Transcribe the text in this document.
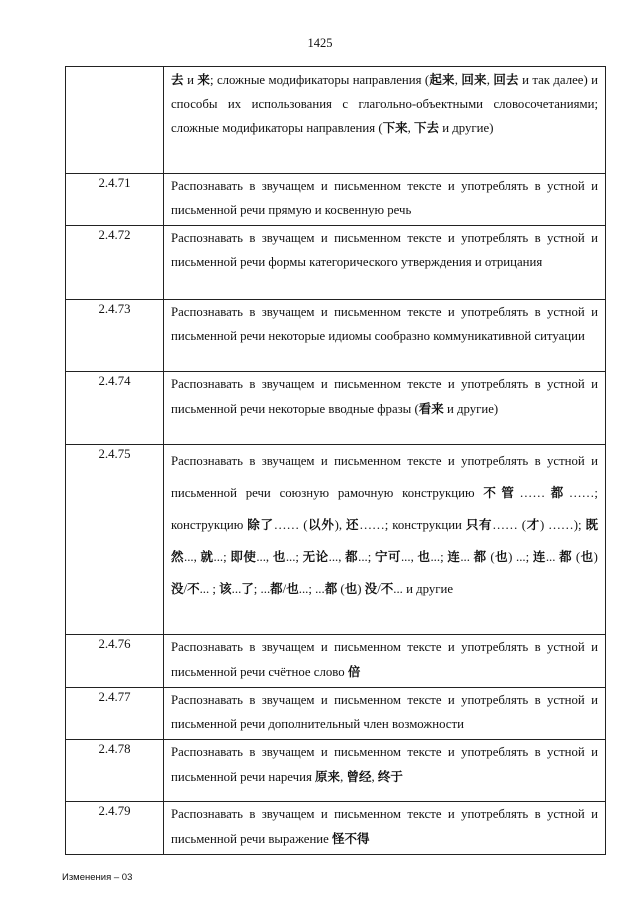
1425
	去 и 来; сложные модификаторы направления (起来, 回来, 回去 и так далее) и способы их использования с глагольно-объектными словосочетаниями; сложные модификаторы направления (下来, 下去 и другие)
2.4.71	Распознавать в звучащем и письменном тексте и употреблять в устной и письменной речи прямую и косвенную речь
2.4.72	Распознавать в звучащем и письменном тексте и употреблять в устной и письменной речи формы категорического утверждения и отрицания
2.4.73	Распознавать в звучащем и письменном тексте и употреблять в устной и письменной речи некоторые идиомы сообразно коммуникативной ситуации
2.4.74	Распознавать в звучащем и письменном тексте и употреблять в устной и письменной речи некоторые вводные фразы (看来 и другие)
2.4.75	Распознавать в звучащем и письменном тексте и употреблять в устной и письменной речи союзную рамочную конструкцию 不管……都……; конструкцию 除了…… (以外), 还……; конструкции 只有…… (才) ……); 既然..., 就...; 即使..., 也...; 无论..., 都...; 宁可..., 也...; 连... 都 (也) ...; 连... 都 (也) 没/不... ; 该...了; ...都/也...; ...都 (也) 没/不... и другие
2.4.76	Распознавать в звучащем и письменном тексте и употреблять в устной и письменной речи счётное слово 倍
2.4.77	Распознавать в звучащем и письменном тексте и употреблять в устной и письменной речи дополнительный член возможности
2.4.78	Распознавать в звучащем и письменном тексте и употреблять в устной и письменной речи наречия 原来, 曾经, 终于
2.4.79	Распознавать в звучащем и письменном тексте и употреблять в устной и письменной речи выражение 怪不得
Изменения – 03
